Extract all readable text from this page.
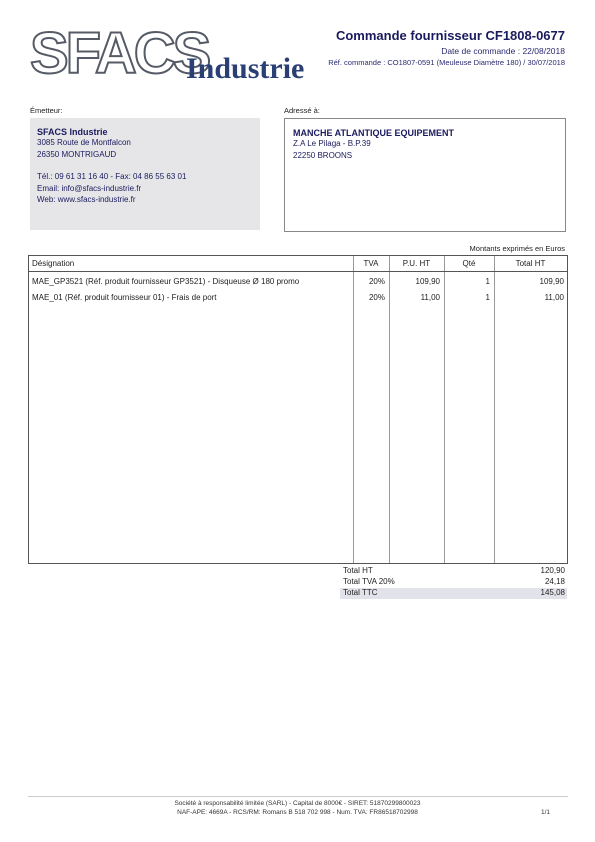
SFACS
Industrie
Commande fournisseur CF1808-0677
Date de commande : 22/08/2018
Réf. commande : CO1807-0591 (Meuleuse Diamètre 180) / 30/07/2018
Émetteur:
SFACS Industrie
3085 Route de Montfalcon
26350 MONTRIGAUD
Tél.: 09 61 31 16 40 - Fax: 04 86 55 63 01
Email: info@sfacs-industrie.fr
Web: www.sfacs-industrie.fr
Adressé à:
MANCHE ATLANTIQUE EQUIPEMENT
Z.A Le Pilaga - B.P.39
22250 BROONS
Montants exprimés en Euros
Désignation	TVA	P.U. HT	Qté	Total HT
MAE_GP3521 (Réf. produit fournisseur GP3521) - Disqueuse Ø 180 promo	20%	109,90	1	109,90
MAE_01 (Réf. produit fournisseur 01) - Frais de port	20%	11,00	1	11,00
Total HT	120,90
Total TVA 20%	24,18
Total TTC	145,08
Société à responsabilité limitée (SARL) - Capital de 8000€ - SIRET: 51870299800023
NAF-APE: 4669A - RCS/RM: Romans B 518 702 998 - Num. TVA: FR86518702998	1/1
